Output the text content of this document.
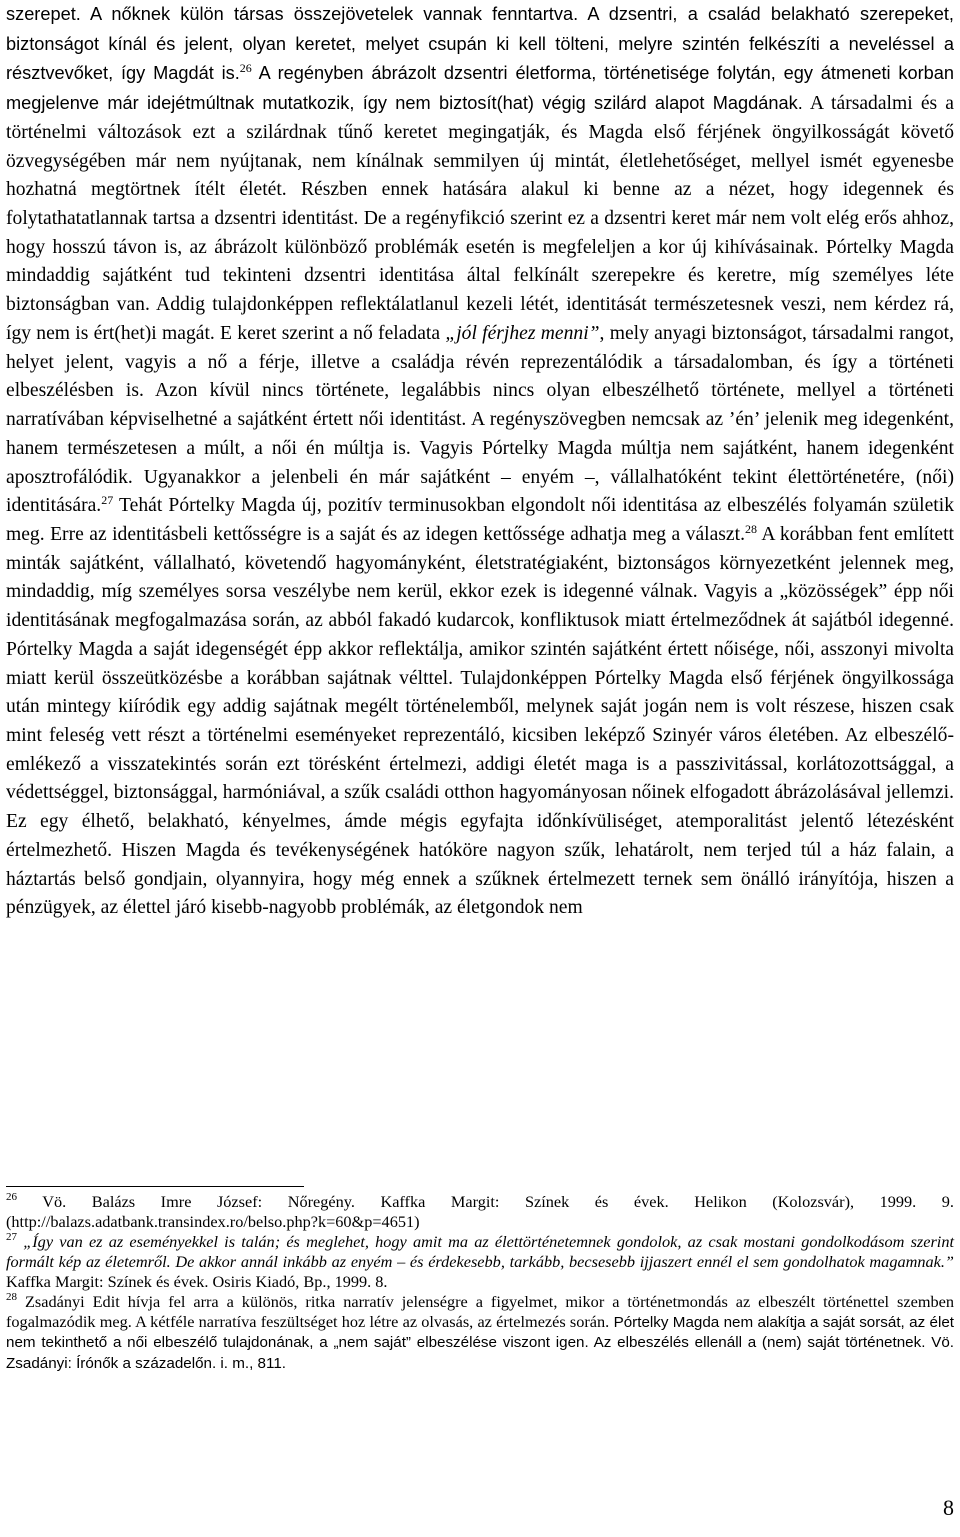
szerepet. A nőknek külön társas összejövetelek vannak fenntartva. A dzsentri, a család belakható szerepeket, biztonságot kínál és jelent, olyan keretet, melyet csupán ki kell tölteni, melyre szintén felkészíti a neveléssel a résztvevőket, így Magdát is.$^{26}$ A regényben ábrázolt dzsentri életforma, történetisége folytán, egy átmeneti korban megjelenve már idejétmúltnak mutatkozik, így nem biztosít(hat) végig szilárd alapot Magdának. A társadalmi és a történelmi változások ezt a szilárdnak tűnő keretet megingatják, és Magda első férjének öngyilkosságát követő özvegységében már nem nyújtanak, nem kínálnak semmilyen új mintát, életlehetőséget, mellyel ismét egyenesbe hozhatná megtörtnek ítélt életét. Részben ennek hatására alakul ki benne az a nézet, hogy idegennek és folytathatatlannak tartsa a dzsentri identitást. De a regényfikció szerint ez a dzsentri keret már nem volt elég erős ahhoz, hogy hosszú távon is, az ábrázolt különböző problémák esetén is megfeleljen a kor új kihívásainak. Pórtelky Magda mindaddig sajátként tud tekinteni dzsentri identitása által felkínált szerepekre és keretre, míg személyes léte biztonságban van. Addig tulajdonképpen reflektálatlanul kezeli létét, identitását természetesnek veszi, nem kérdez rá, így nem is ért(het)i magát. E keret szerint a nő feladata „jól férjhez menni”, mely anyagi biztonságot, társadalmi rangot, helyet jelent, vagyis a nő a férje, illetve a családja révén reprezentálódik a társadalomban, és így a történeti elbeszélésben is. Azon kívül nincs története, legalábbis nincs olyan elbeszélhető története, mellyel a történeti narratívában képviselhetné a sajátként értett női identitást. A regényszövegben nemcsak az ’én’ jelenik meg idegenként, hanem természetesen a múlt, a női én múltja is. Vagyis Pórtelky Magda múltja nem sajátként, hanem idegenként aposztrofálódik. Ugyanakkor a jelenbeli én már sajátként – enyém –, vállalhatóként tekint élettörténetére, (női) identitására.$^{27}$ Tehát Pórtelky Magda új, pozitív terminusokban elgondolt női identitása az elbeszélés folyamán születik meg. Erre az identitásbeli kettősségre is a saját és az idegen kettőssége adhatja meg a választ.$^{28}$ A korábban fent említett minták sajátként, vállalható, követendő hagyományként, életstratégiaként, biztonságos környezetként jelennek meg, mindaddig, míg személyes sorsa veszélybe nem kerül, ekkor ezek is idegenné válnak. Vagyis a „közösségek” épp női identitásának megfogalmazása során, az abból fakadó kudarcok, konfliktusok miatt értelmeződnek át sajátból idegenné. Pórtelky Magda a saját idegenségét épp akkor reflektálja, amikor szintén sajátként értett nőisége, női, asszonyi mivolta miatt kerül összeütközésbe a korábban sajátnak vélttel. Tulajdonképpen Pórtelky Magda első férjének öngyilkossága után mintegy kiíródik egy addig sajátnak megélt történelemből, melynek saját jogán nem is volt részese, hiszen csak mint feleség vett részt a történelmi eseményeket reprezentáló, kicsiben leképző Szinyér város életében. Az elbeszélő-emlékező a visszatekintés során ezt törésként értelmezi, addigi életét maga is a passzivitással, korlátozottsággal, a védettséggel, biztonsággal, harmóniával, a szűk családi otthon hagyományosan nőinek elfogadott ábrázolásával jellemzi. Ez egy élhető, belakható, kényelmes, ámde mégis egyfajta időnkívüliséget, atemporalitást jelentő létezésként értelmezhető. Hiszen Magda és tevékenységének hatóköre nagyon szűk, lehatárolt, nem terjed túl a ház falain, a háztartás belső gondjain, olyannyira, hogy még ennek a szűknek értelmezett ternek sem önálló irányítója, hiszen a pénzügyek, az élettel járó kisebb-nagyobb problémák, az életgondok nem

$^{26}$ Vö. Balázs Imre József: Nőregény. Kaffka Margit: Színek és évek. Helikon (Kolozsvár), 1999. 9. (http://balazs.adatbank.transindex.ro/belso.php?k=60&p=4651)

$^{27}$ „Így van ez az eseményekkel is talán; és meglehet, hogy amit ma az élettörténetemnek gondolok, az csak mostani gondolkodásom szerint formált kép az életemről. De akkor annál inkább az enyém – és érdekesebb, tarkább, becsesebb ijjaszert ennél el sem gondolhatok magamnak.” Kaffka Margit: Színek és évek. Osiris Kiadó, Bp., 1999. 8.

$^{28}$ Zsadányi Edit hívja fel arra a különös, ritka narratív jelenségre a figyelmet, mikor a történetmondás az elbeszélt történettel szemben fogalmazódik meg. A kétféle narratíva feszültséget hoz létre az olvasás, az értelmezés során. Pórtelky Magda nem alakítja a saját sorsát, az élet nem tekinthető a női elbeszélő tulajdonának, a „nem saját” elbeszélése viszont igen. Az elbeszélés ellenáll a (nem) saját történetnek. Vö. Zsadányi: Írónők a századelőn. i. m., 811.

8
